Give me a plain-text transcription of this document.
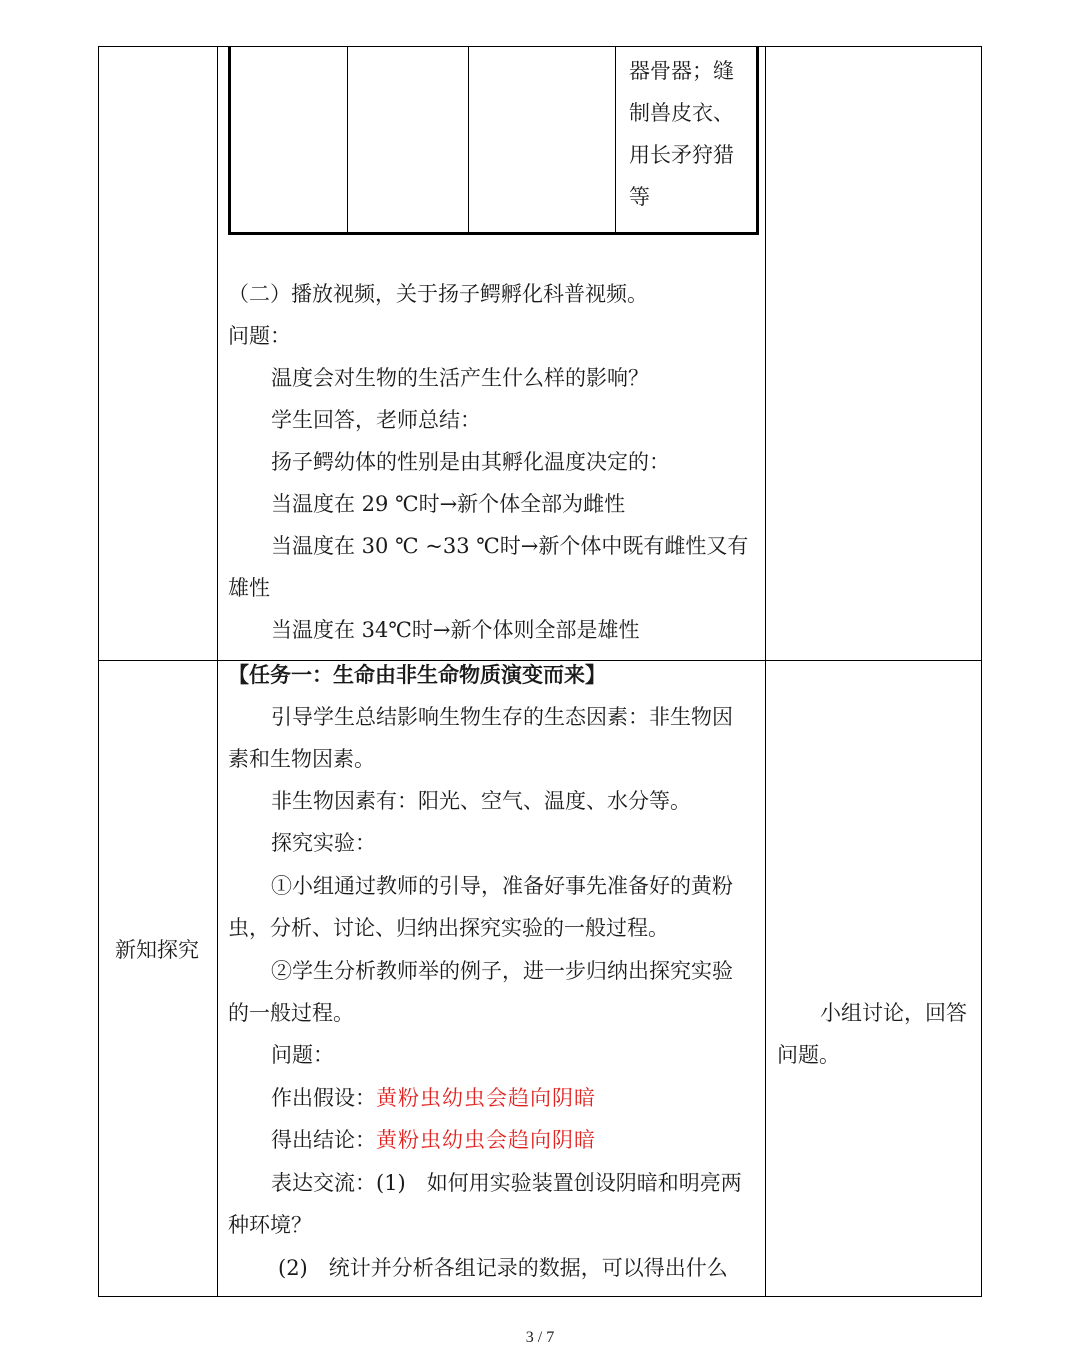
器骨器；缝
制兽皮衣、
用长矛狩猎
等
（二）播放视频，关于扬子鳄孵化科普视频。
问题：
温度会对生物的生活产生什么样的影响？
学生回答，老师总结：
扬子鳄幼体的性别是由其孵化温度决定的：
当温度在 29 ℃时→新个体全部为雌性
当温度在 30 ℃ ~33 ℃时→新个体中既有雌性又有
雄性
当温度在 34℃时→新个体则全部是雄性
新知探究
【任务一：生命由非生命物质演变而来】
引导学生总结影响生物生存的生态因素：非生物因
素和生物因素。
非生物因素有：阳光、空气、温度、水分等。
探究实验：
①小组通过教师的引导，准备好事先准备好的黄粉
虫，分析、讨论、归纳出探究实验的一般过程。
②学生分析教师举的例子，进一步归纳出探究实验
的一般过程。
问题：
作出假设：黄粉虫幼虫会趋向阴暗
得出结论：黄粉虫幼虫会趋向阴暗
表达交流：(1)　如何用实验装置创设阴暗和明亮两
种环境？
(2)　统计并分析各组记录的数据，可以得出什么
小组讨论，回答
问题。
3 / 7
